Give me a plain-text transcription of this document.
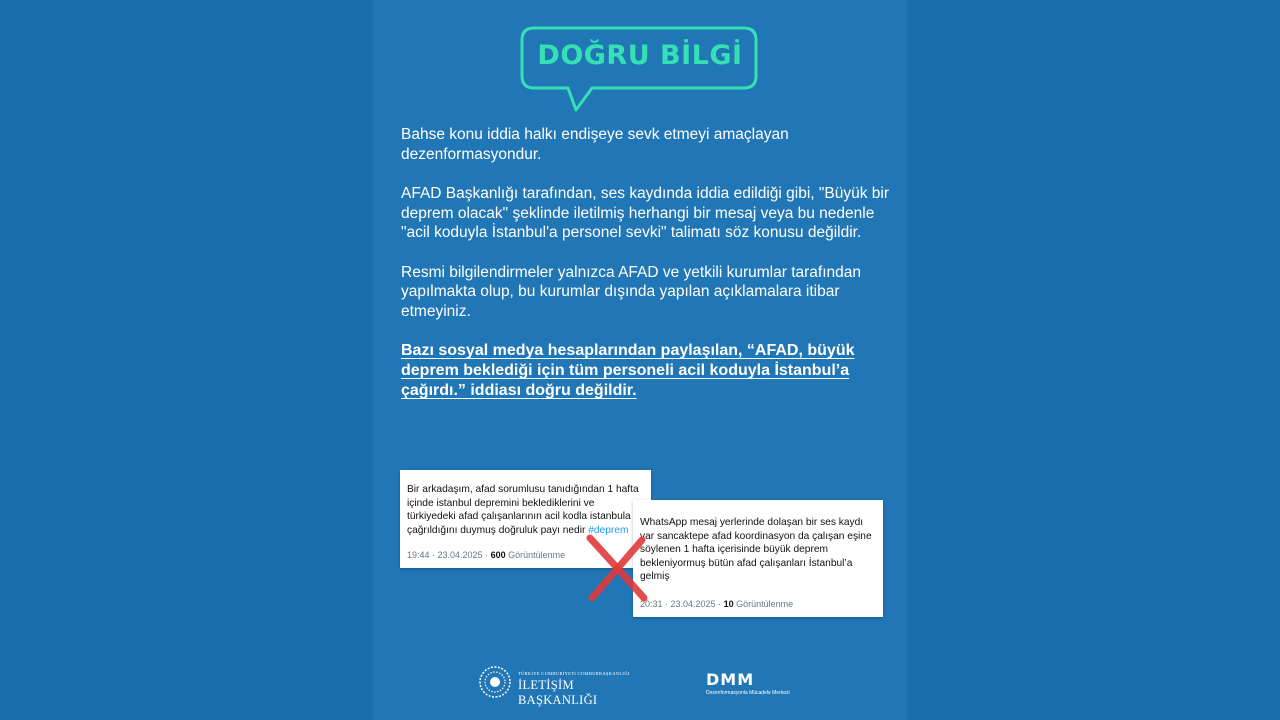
DOĞRU BİLGİ

Bahse konu iddia halkı endişeye sevk etmeyi amaçlayan dezenformasyondur.

AFAD Başkanlığı tarafından, ses kaydında iddia edildiği gibi, "Büyük bir deprem olacak" şeklinde iletilmiş herhangi bir mesaj veya bu nedenle "acil koduyla İstanbul'a personel sevki" talimatı söz konusu değildir.

Resmi bilgilendirmeler yalnızca AFAD ve yetkili kurumlar tarafından yapılmakta olup, bu kurumlar dışında yapılan açıklamalara itibar etmeyiniz.

Bazı sosyal medya hesaplarından paylaşılan, “AFAD, büyük deprem beklediği için tüm personeli acil koduyla İstanbul’a çağırdı.” iddiası doğru değildir.

Bir arkadaşım, afad sorumlusu tanıdığından 1 hafta içinde istanbul depremini beklediklerini ve türkiyedeki afad çalışanlarının acil kodla istanbula çağrıldığını duymuş doğruluk payı nedir #deprem
19:44 · 23.04.2025 · 600 Görüntülenme
WhatsApp mesaj yerlerinde dolaşan bir ses kaydı var sancaktepe afad koordinasyon da çalışan eşine söylenen 1 hafta içerisinde büyük deprem bekleniyormuş bütün afad çalışanları İstanbul’a gelmiş
20:31 · 23.04.2025 · 10 Görüntülenme
TÜRKİYE CUMHURİYETİ CUMHURBAŞKANLIĞI
İLETİŞİM BAŞKANLIĞI
DMM
Dezenformasyonla Mücadele Merkezi
